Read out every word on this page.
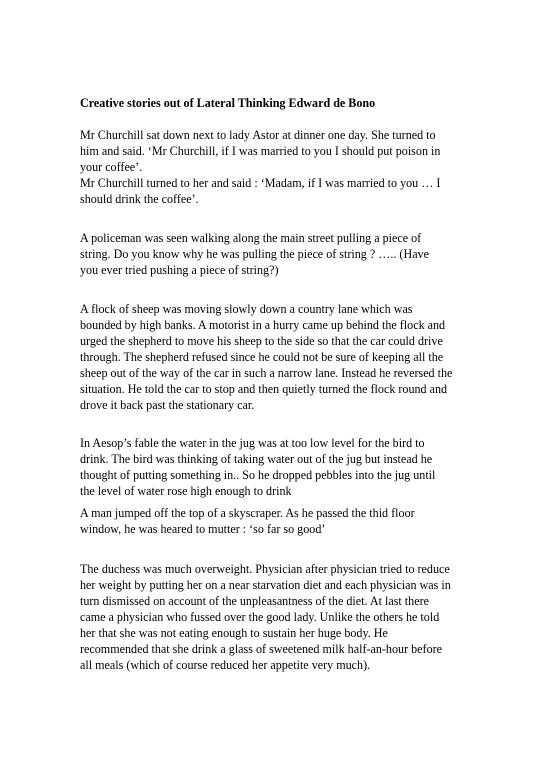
Creative stories out of Lateral Thinking Edward de Bono
Mr Churchill sat down next to lady Astor at dinner one day. She turned to
him and said. ‘Mr Churchill, if I was married to you I should put poison in
your coffee’.
Mr Churchill turned to her and said : ‘Madam, if I was married to you … I
should drink the coffee’.
A policeman was seen walking along the main street pulling a piece of
string. Do you know why he was pulling the piece of string ? ….. (Have
you ever tried pushing a piece of string?)
A flock of sheep was moving slowly down a country lane which was
bounded by high banks. A motorist in a hurry came up behind the flock and
urged the shepherd to move his sheep to the side so that the car could drive
through. The shepherd refused since he could not be sure of keeping all the
sheep out of the way of the car in such a narrow lane. Instead he reversed the
situation. He told the car to stop and then quietly turned the flock round and
drove it back past the stationary car.
In Aesop’s fable the water in the jug was at too low level for the bird to
drink. The bird was thinking of taking water out of the jug but instead he
thought of putting something in.. So he dropped pebbles into the jug until
the level of water rose high enough to drink
A man jumped off the top of a skyscraper. As he passed the thid floor
window, he was heared to mutter : ‘so far so good’
The duchess was much overweight. Physician after physician tried to reduce
her weight by putting her on a near starvation diet and each physician was in
turn dismissed on account of the unpleasantness of the diet. At last there
came a physician who fussed over the good lady. Unlike the others he told
her that she was not eating enough to sustain her huge body. He
recommended that she drink a glass of sweetened milk half-an-hour before
all meals (which of course reduced her appetite very much).
